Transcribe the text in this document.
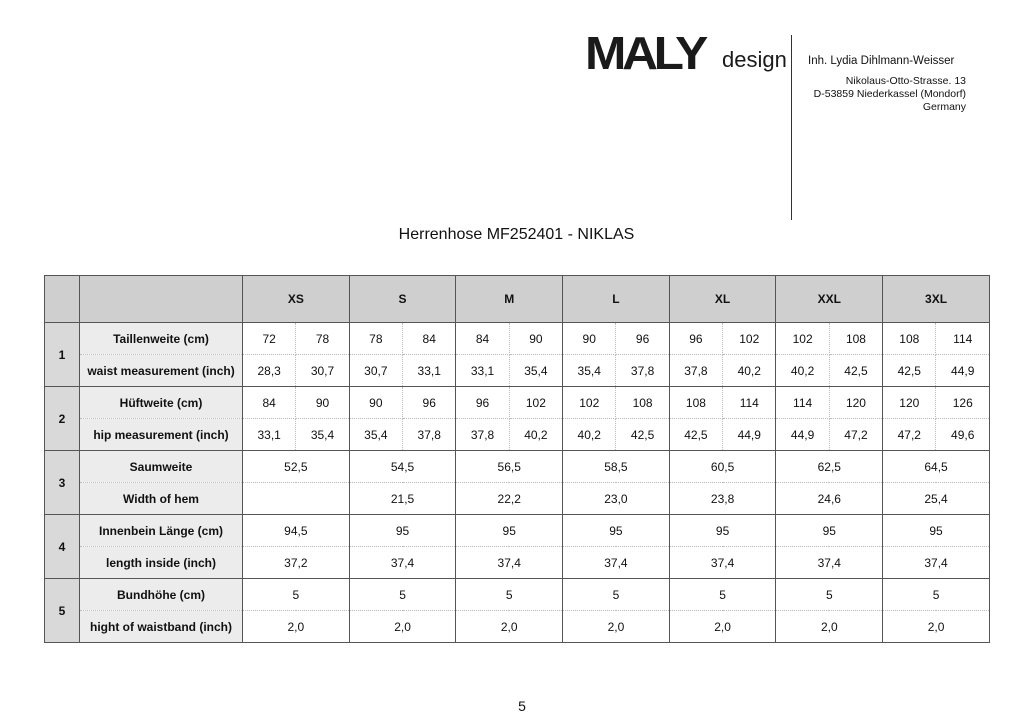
MALY design Inh. Lydia Dihlmann-Weisser
Nikolaus-Otto-Strasse. 13
D-53859 Niederkassel (Mondorf)
Germany
Herrenhose MF252401 - NIKLAS
		XS		S		M		L		XL		XXL		3XL	
1	Taillenweite (cm)	72	78	78	84	84	90	90	96	96	102	102	108	108	114
	waist measurement (inch)	28,3	30,7	30,7	33,1	33,1	35,4	35,4	37,8	37,8	40,2	40,2	42,5	42,5	44,9
2	Hüftweite (cm)	84	90	90	96	96	102	102	108	108	114	114	120	120	126
	hip measurement (inch)	33,1	35,4	35,4	37,8	37,8	40,2	40,2	42,5	42,5	44,9	44,9	47,2	47,2	49,6
3	Saumweite	52,5		54,5		56,5		58,5		60,5		62,5		64,5	
	Width of hem			21,5		22,2		23,0		23,8		24,6		25,4	
4	Innenbein Länge (cm)	94,5		95		95		95		95		95		95	
	length inside (inch)	37,2		37,4		37,4		37,4		37,4		37,4		37,4	
5	Bundhöhe (cm)	5		5		5		5		5		5		5	
	hight of waistband (inch)	2,0		2,0		2,0		2,0		2,0		2,0		2,0	
5
